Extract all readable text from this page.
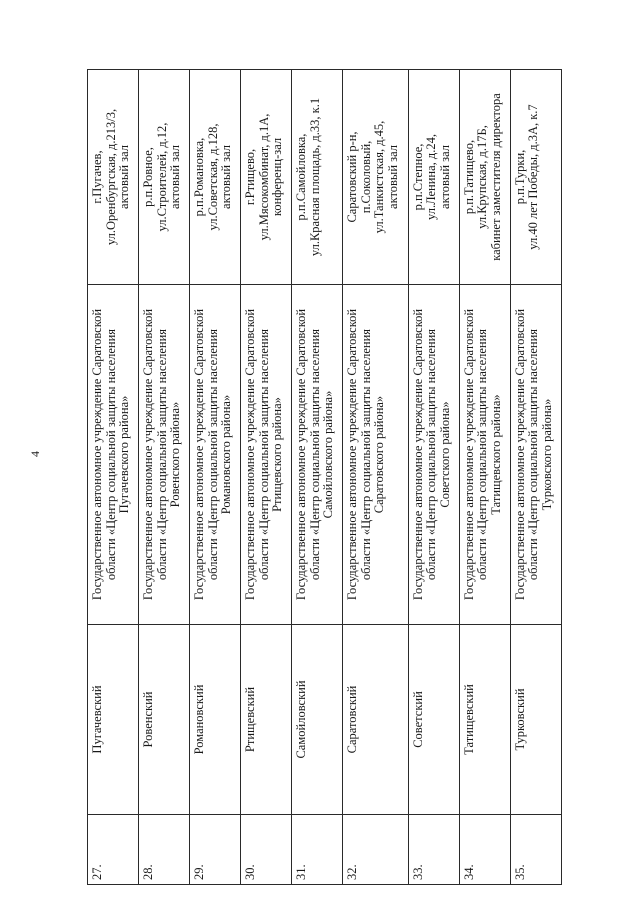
4
27.	Пугачевский	Государственное автономное учреждение Саратовской области «Центр социальной защиты населения Пугачевского района»	г.Пугачев, ул.Оренбургская, д.213/3, актовый зал

28.	Ровенский	Государственное автономное учреждение Саратовской области «Центр социальной защиты населения Ровенского района»	р.п.Ровное, ул.Строителей, д.12, актовый зал

29.	Романовский	Государственное автономное учреждение Саратовской области «Центр социальной защиты населения Романовского района»	р.п.Романовка, ул.Советская, д.128, актовый зал

30.	Ртищевский	Государственное автономное учреждение Саратовской области «Центр социальной защиты населения Ртищевского района»	г.Ртищево, ул.Мясокомбинат, д.1А, конференц-зал

31.	Самойловский	Государственное автономное учреждение Саратовской области «Центр социальной защиты населения Самойловского района»	р.п.Самойловка, ул.Красная площадь, д.33, к.1

32.	Саратовский	Государственное автономное учреждение Саратовской области «Центр социальной защиты населения Саратовского района»	Саратовский р-н, п.Соколовый, ул.Танкистская, д.45, актовый зал

33.	Советский	Государственное автономное учреждение Саратовской области «Центр социальной защиты населения Советского района»	р.п.Степное, ул.Ленина, д.24, актовый зал

34.	Татищевский	Государственное автономное учреждение Саратовской области «Центр социальной защиты населения Татищевского района»	р.п.Татищево, ул.Крупская, д.17Б, кабинет заместителя директора

35.	Турковский	Государственное автономное учреждение Саратовской области «Центр социальной защиты населения Турковского района»	р.п.Турки, ул.40 лет Победы, д.3А, к.7
